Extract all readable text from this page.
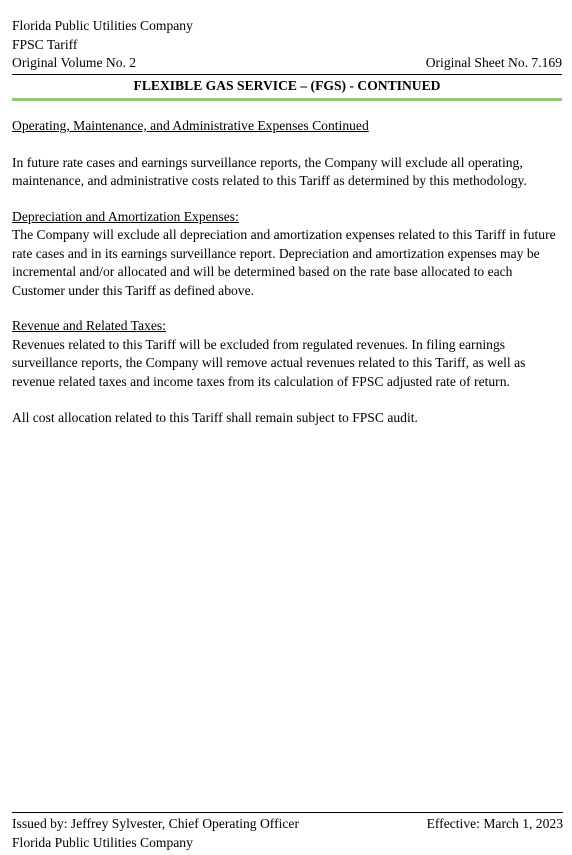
Florida Public Utilities Company
FPSC Tariff
Original Volume No. 2	Original Sheet No. 7.169
FLEXIBLE GAS SERVICE – (FGS) - CONTINUED
Operating, Maintenance, and Administrative Expenses Continued

In future rate cases and earnings surveillance reports, the Company will exclude all operating, maintenance, and administrative costs related to this Tariff as determined by this methodology.

Depreciation and Amortization Expenses:

The Company will exclude all depreciation and amortization expenses related to this Tariff in future rate cases and in its earnings surveillance report. Depreciation and amortization expenses may be incremental and/or allocated and will be determined based on the rate base allocated to each Customer under this Tariff as defined above.

Revenue and Related Taxes:

Revenues related to this Tariff will be excluded from regulated revenues. In filing earnings surveillance reports, the Company will remove actual revenues related to this Tariff, as well as revenue related taxes and income taxes from its calculation of FPSC adjusted rate of return.

All cost allocation related to this Tariff shall remain subject to FPSC audit.

Issued by: Jeffrey Sylvester, Chief Operating Officer	Effective: March 1, 2023
Florida Public Utilities Company
